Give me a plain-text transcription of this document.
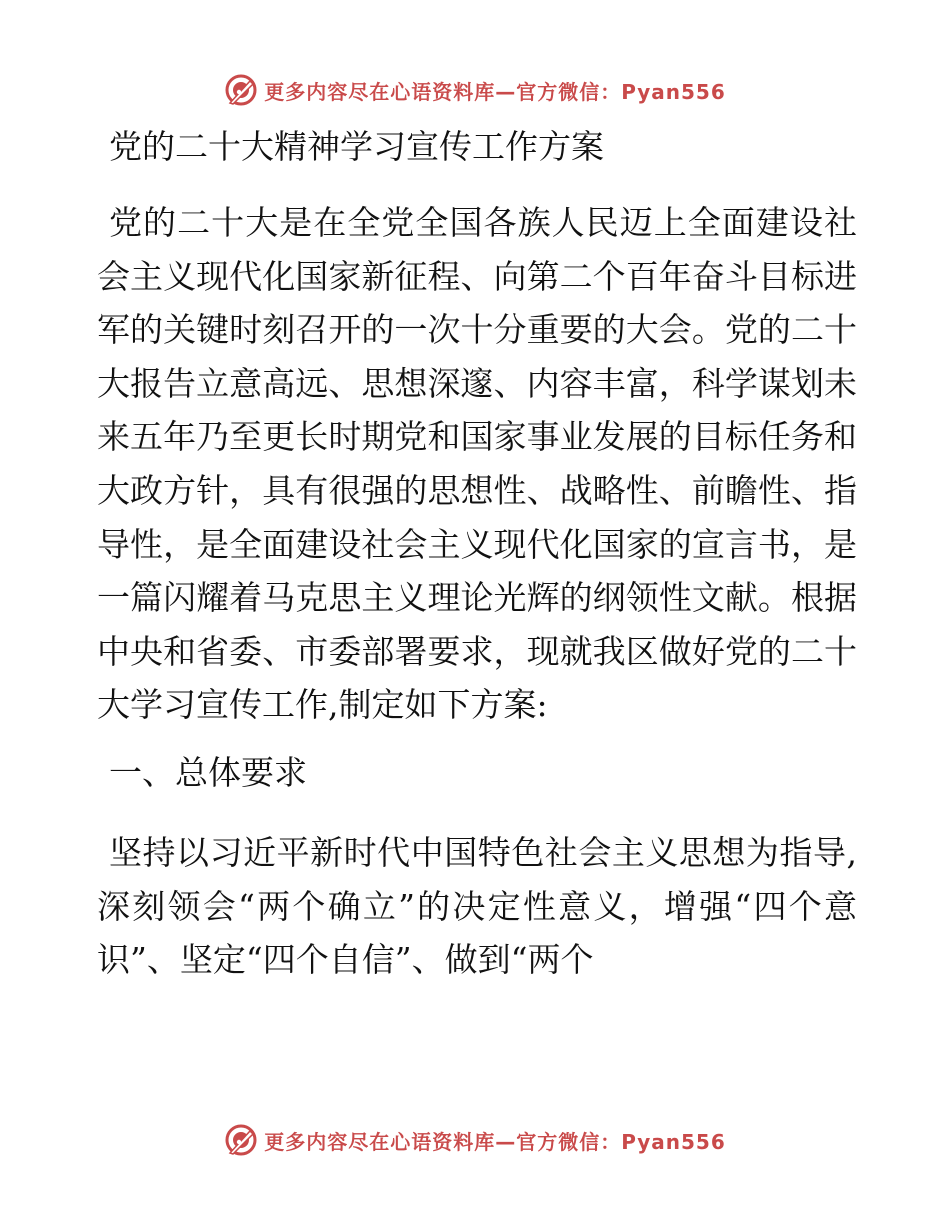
更多内容尽在心语资料库—官方微信：Pyan556
党的二十大精神学习宣传工作方案

党的二十大是在全党全国各族人民迈上全面建设社会主义现代化国家新征程、向第二个百年奋斗目标进军的关键时刻召开的一次十分重要的大会。党的二十大报告立意高远、思想深邃、内容丰富，科学谋划未来五年乃至更长时期党和国家事业发展的目标任务和大政方针，具有很强的思想性、战略性、前瞻性、指导性，是全面建设社会主义现代化国家的宣言书，是一篇闪耀着马克思主义理论光辉的纲领性文献。根据中央和省委、市委部署要求，现就我区做好党的二十大学习宣传工作,制定如下方案:

一、总体要求

坚持以习近平新时代中国特色社会主义思想为指导,深刻领会“两个确立”的决定性意义，增强“四个意识”、坚定“四个自信”、做到“两个

更多内容尽在心语资料库—官方微信：Pyan556
